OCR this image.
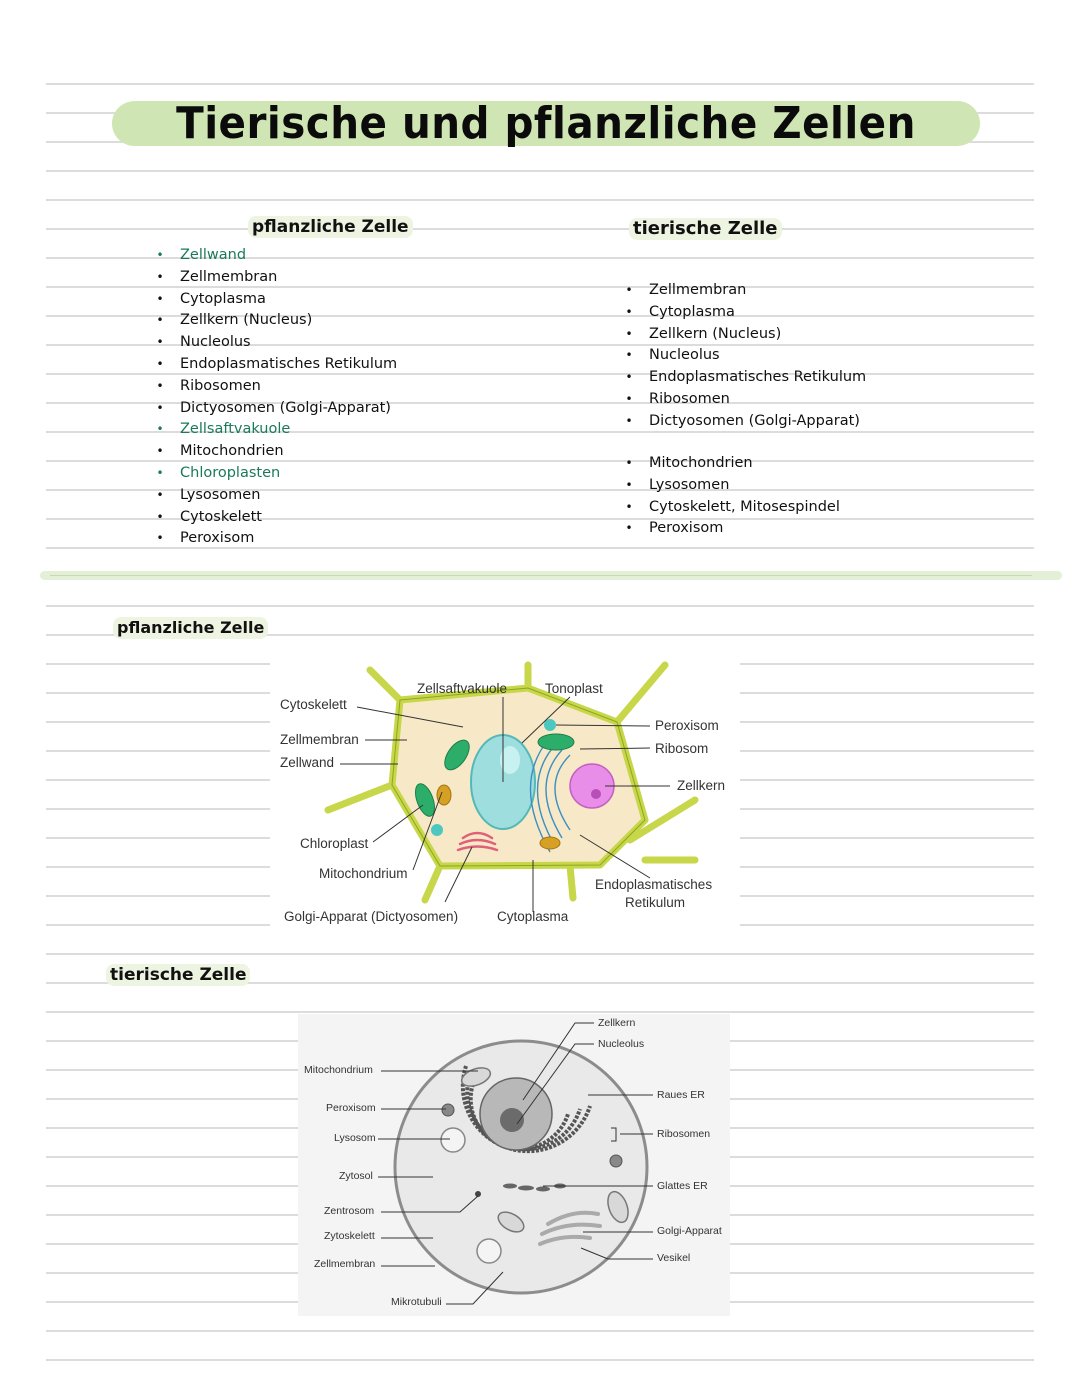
Tierische und pflanzliche Zellen
pflanzliche Zelle	tierische Zelle
• Zellwand
• Zellmembran
• Cytoplasma
• Zellkern (Nucleus)
• Nucleolus
• Endoplasmatisches Retikulum
• Ribosomen
• Dictyosomen (Golgi-Apparat)
• Zellsaftvakuole
• Mitochondrien
• Chloroplasten
• Lysosomen
• Cytoskelett
• Peroxisom
• Zellmembran
• Cytoplasma
• Zellkern (Nucleus)
• Nucleolus
• Endoplasmatisches Retikulum
• Ribosomen
• Dictyosomen (Golgi-Apparat)
• Mitochondrien
• Lysosomen
• Cytoskelett, Mitosespindel
• Peroxisom
pflanzliche Zelle
Zellsaftvakuole	Tonoplast
Cytoskelett
Peroxisom
Zellmembran
Ribosom
Zellwand
Zellkern
Chloroplast
Mitochondrium
Endoplasmatisches
Retikulum
Golgi-Apparat (Dictyosomen)	Cytoplasma
tierische Zelle
Zellkern
Nucleolus
Mitochondrium
Raues ER
Peroxisom
Ribosomen
Lysosom
Zytosol
Glattes ER
Zentrosom
Golgi-Apparat
Zytoskelett
Vesikel
Zellmembran
Mikrotubuli
